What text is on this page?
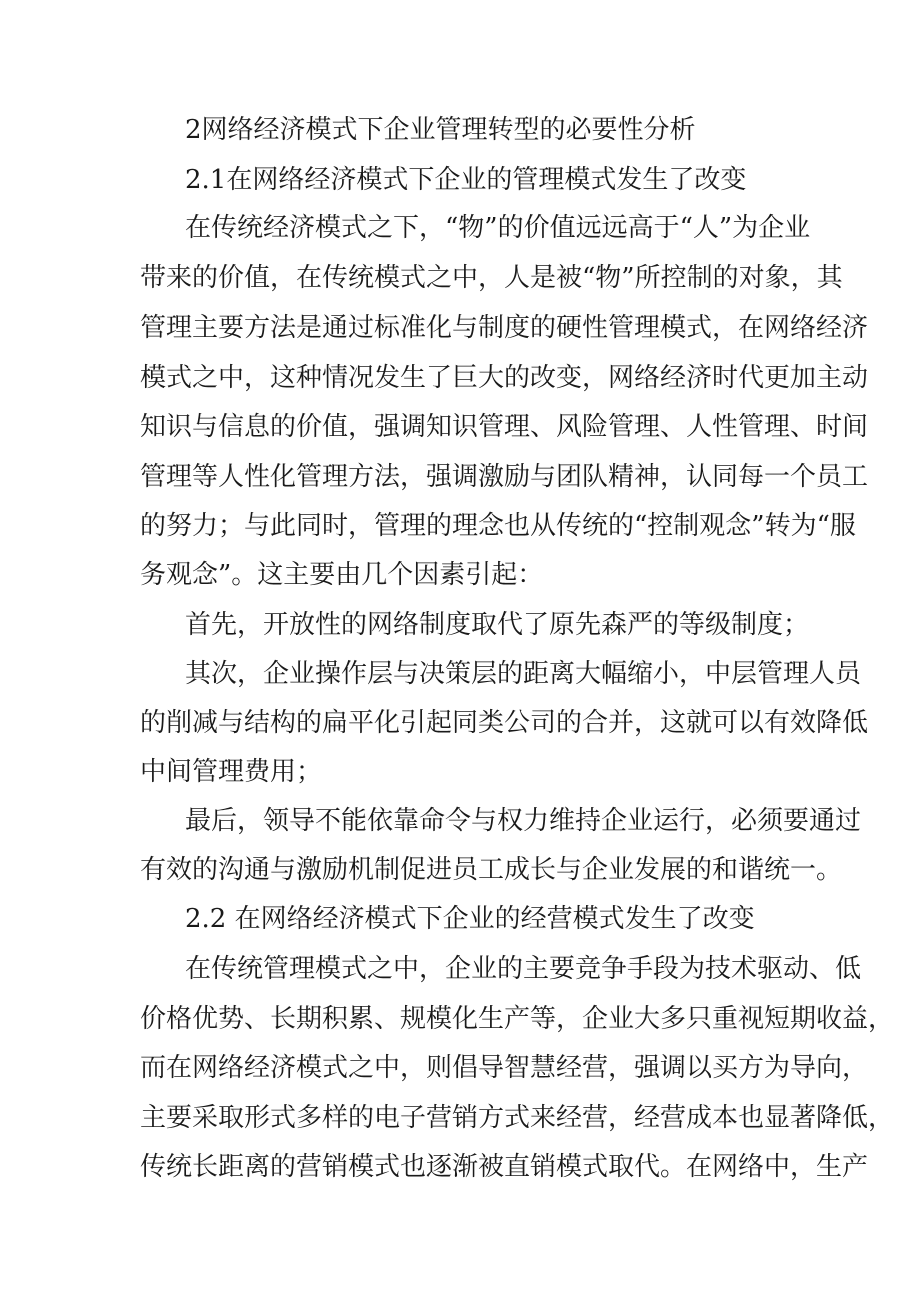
2网络经济模式下企业管理转型的必要性分析
2.1在网络经济模式下企业的管理模式发生了改变
在传统经济模式之下，“物”的价值远远高于“人”为企业
带来的价值，在传统模式之中，人是被“物”所控制的对象，其
管理主要方法是通过标准化与制度的硬性管理模式，在网络经济
模式之中，这种情况发生了巨大的改变，网络经济时代更加主动
知识与信息的价值，强调知识管理、风险管理、人性管理、时间
管理等人性化管理方法，强调激励与团队精神，认同每一个员工
的努力；与此同时，管理的理念也从传统的“控制观念”转为“服
务观念”。这主要由几个因素引起：
首先，开放性的网络制度取代了原先森严的等级制度；
其次，企业操作层与决策层的距离大幅缩小，中层管理人员
的削减与结构的扁平化引起同类公司的合并，这就可以有效降低
中间管理费用；
最后，领导不能依靠命令与权力维持企业运行，必须要通过
有效的沟通与激励机制促进员工成长与企业发展的和谐统一。
2.2 在网络经济模式下企业的经营模式发生了改变
在传统管理模式之中，企业的主要竞争手段为技术驱动、低
价格优势、长期积累、规模化生产等，企业大多只重视短期收益，
而在网络经济模式之中，则倡导智慧经营，强调以买方为导向，
主要采取形式多样的电子营销方式来经营，经营成本也显著降低，
传统长距离的营销模式也逐渐被直销模式取代。在网络中，生产
